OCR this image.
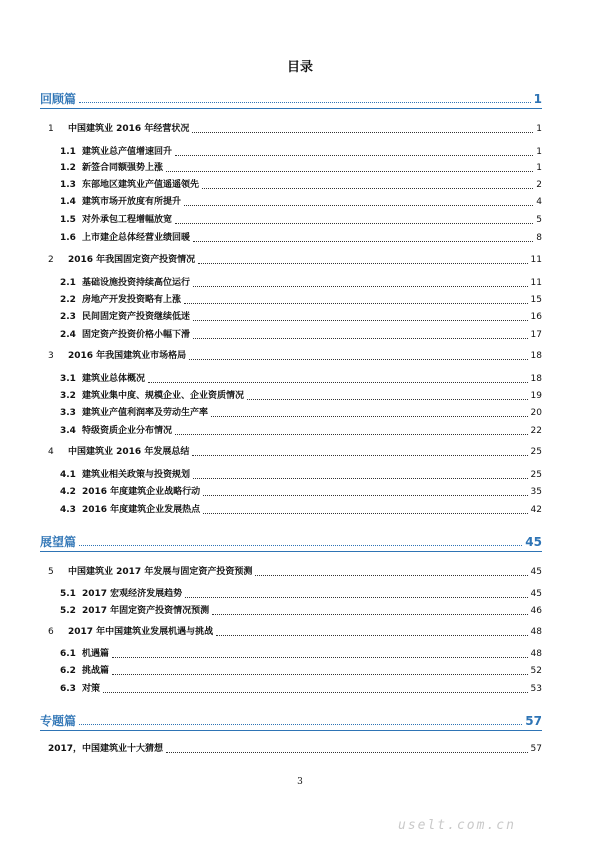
目录
回顾篇	1
1	中国建筑业 2016 年经营状况	1
1.1 建筑业总产值增速回升	1
1.2 新签合同额强势上涨	1
1.3 东部地区建筑业产值遥遥领先	2
1.4 建筑市场开放度有所提升	4
1.5 对外承包工程增幅放宽	5
1.6 上市建企总体经营业绩回暖	8
2	2016 年我国固定资产投资情况	11
2.1 基础设施投资持续高位运行	11
2.2 房地产开发投资略有上涨	15
2.3 民间固定资产投资继续低迷	16
2.4 固定资产投资价格小幅下滑	17
3	2016 年我国建筑业市场格局	18
3.1 建筑业总体概况	18
3.2 建筑业集中度、规模企业、企业资质情况	19
3.3 建筑业产值利润率及劳动生产率	20
3.4 特级资质企业分布情况	22
4	中国建筑业 2016 年发展总结	25
4.1 建筑业相关政策与投资规划	25
4.2 2016 年度建筑企业战略行动	35
4.3 2016 年度建筑企业发展热点	42
展望篇	45
5	中国建筑业 2017 年发展与固定资产投资预测	45
5.1 2017 宏观经济发展趋势	45
5.2 2017 年固定资产投资情况预测	46
6	2017 年中国建筑业发展机遇与挑战	48
6.1 机遇篇	48
6.2 挑战篇	52
6.3 对策	53
专题篇	57
2017，中国建筑业十大猜想	57
3
uselt.com.cn
